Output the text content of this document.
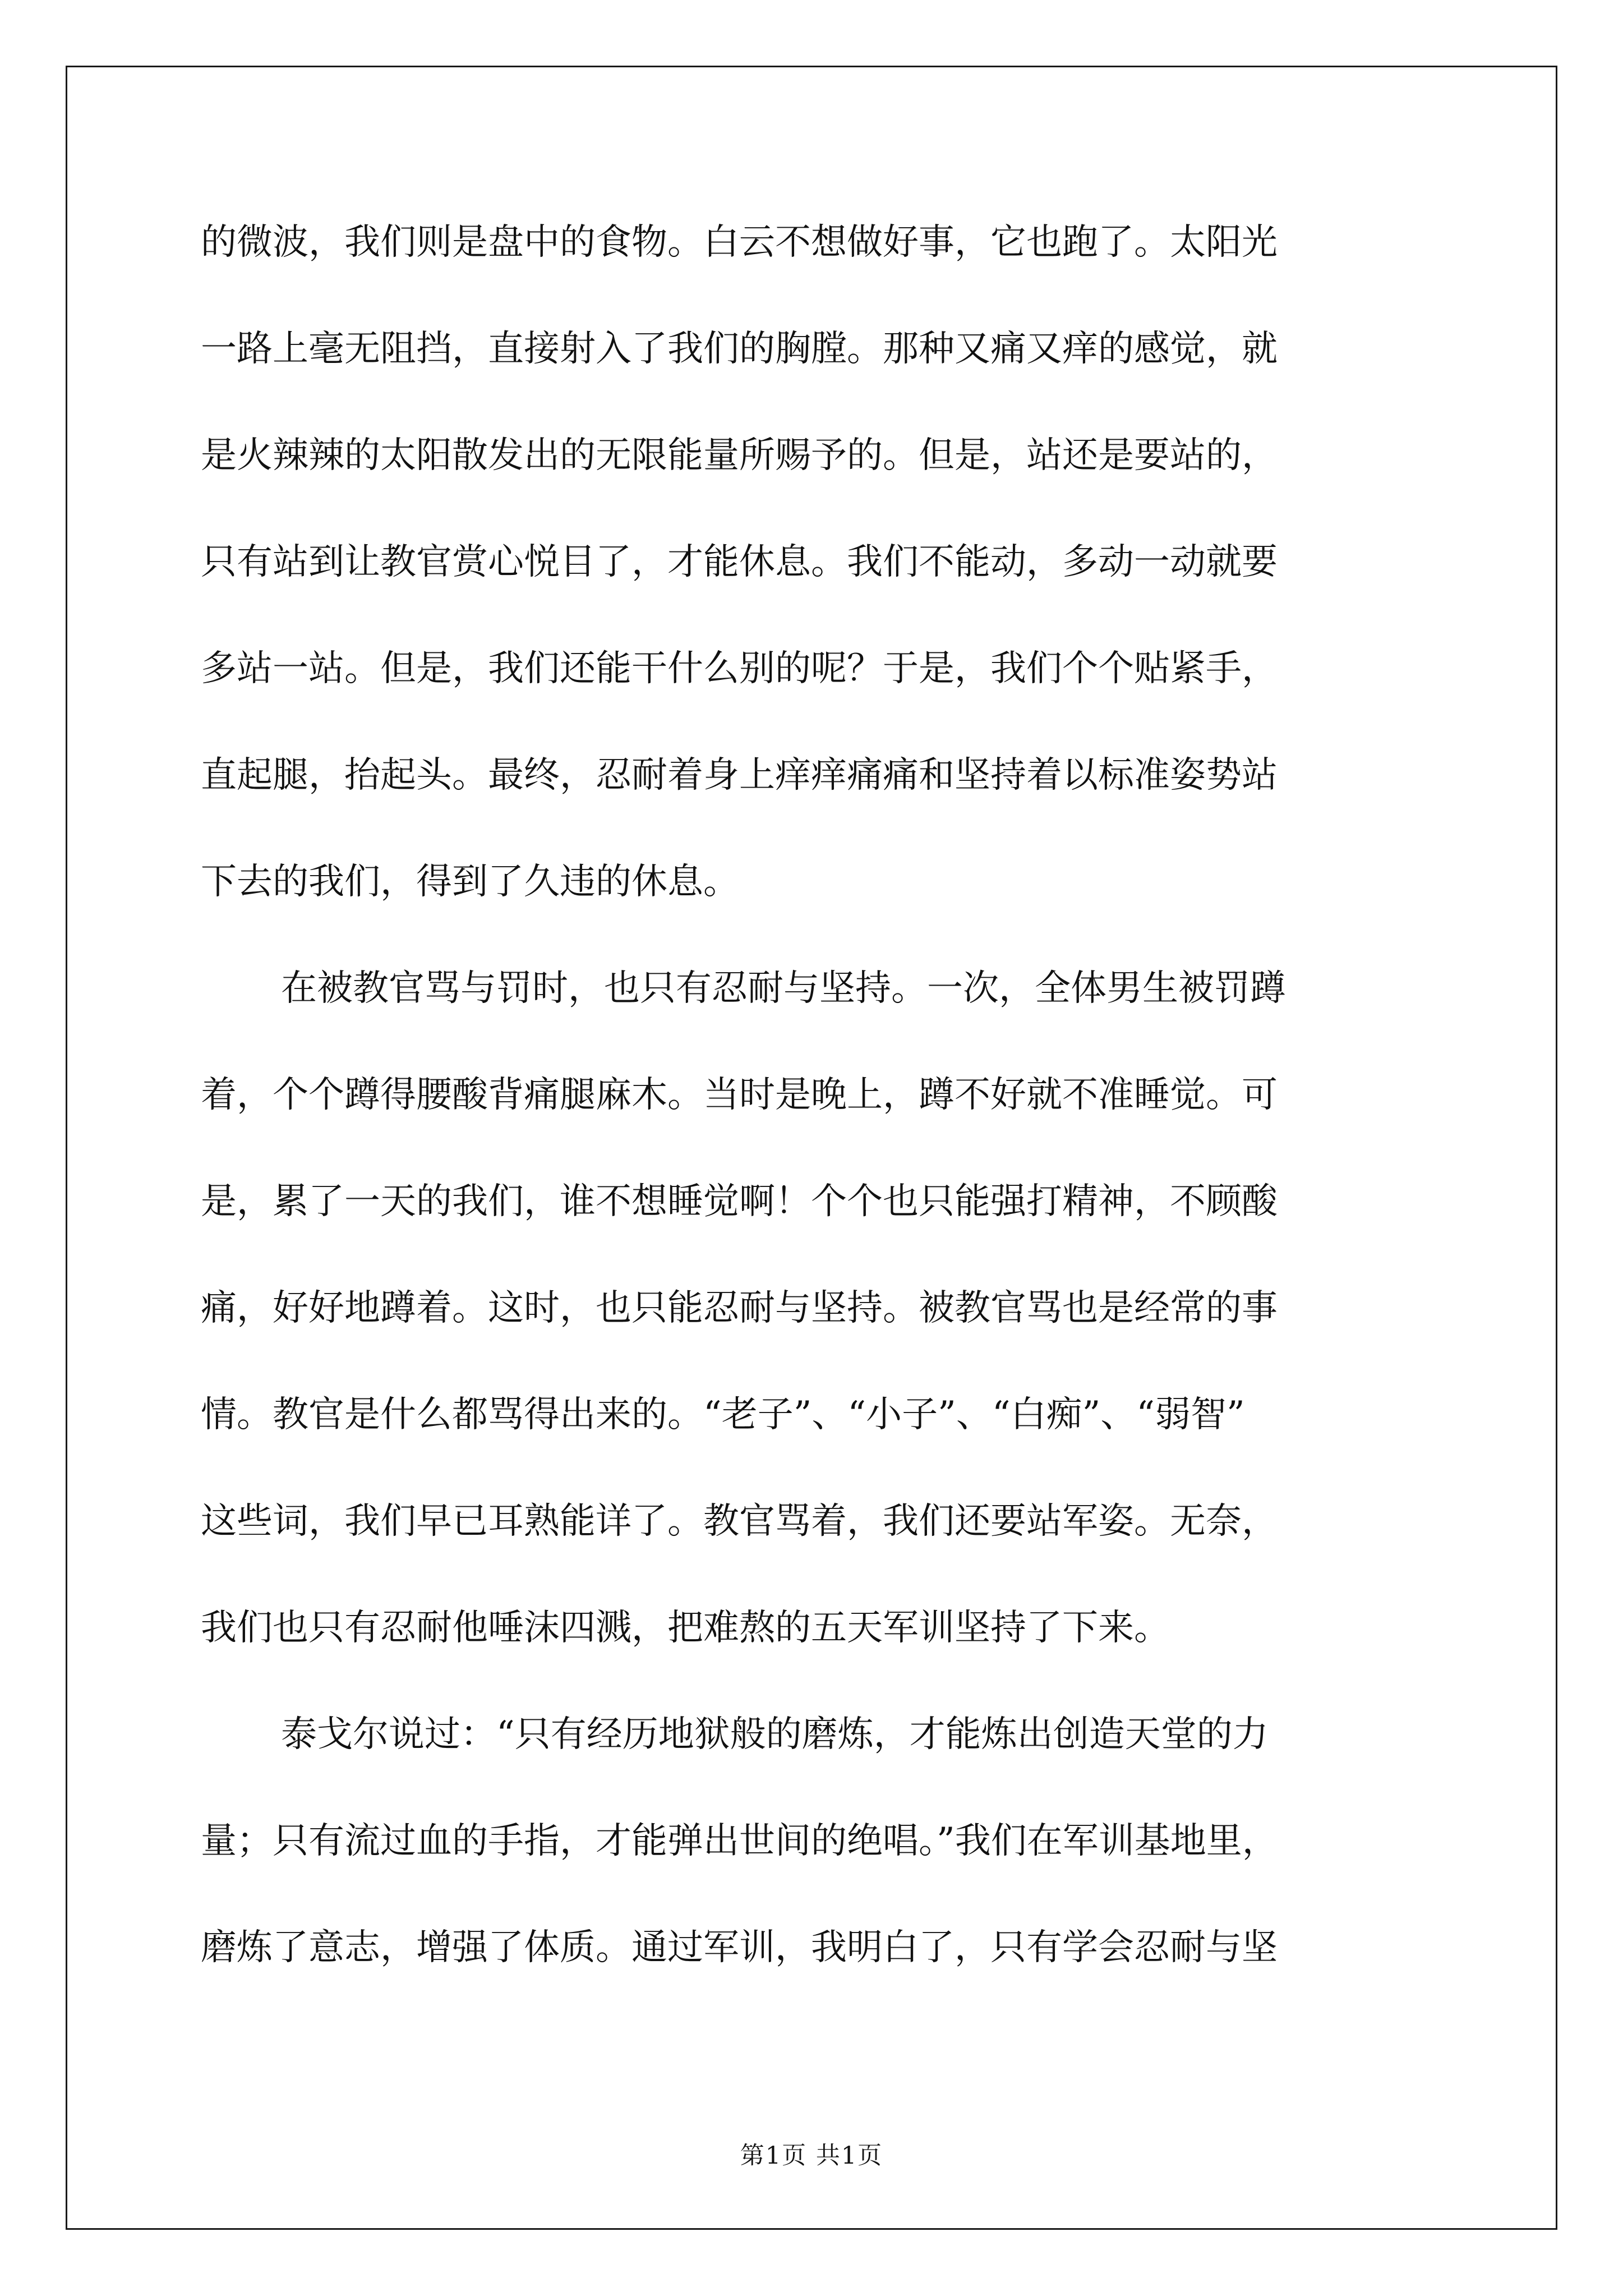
的微波，我们则是盘中的食物。白云不想做好事，它也跑了。太阳光
一路上毫无阻挡，直接射入了我们的胸膛。那种又痛又痒的感觉，就
是火辣辣的太阳散发出的无限能量所赐予的。但是，站还是要站的，
只有站到让教官赏心悦目了，才能休息。我们不能动，多动一动就要
多站一站。但是，我们还能干什么别的呢？于是，我们个个贴紧手，
直起腿，抬起头。最终，忍耐着身上痒痒痛痛和坚持着以标准姿势站
下去的我们，得到了久违的休息。
在被教官骂与罚时，也只有忍耐与坚持。一次，全体男生被罚蹲
着，个个蹲得腰酸背痛腿麻木。当时是晚上，蹲不好就不准睡觉。可
是，累了一天的我们，谁不想睡觉啊！个个也只能强打精神，不顾酸
痛，好好地蹲着。这时，也只能忍耐与坚持。被教官骂也是经常的事
情。教官是什么都骂得出来的。“老子”、“小子”、“白痴”、“弱智”
这些词，我们早已耳熟能详了。教官骂着，我们还要站军姿。无奈，
我们也只有忍耐他唾沫四溅，把难熬的五天军训坚持了下来。
泰戈尔说过：“只有经历地狱般的磨炼，才能炼出创造天堂的力
量；只有流过血的手指，才能弹出世间的绝唱。”我们在军训基地里，
磨炼了意志，增强了体质。通过军训，我明白了，只有学会忍耐与坚
第1页 共1页
